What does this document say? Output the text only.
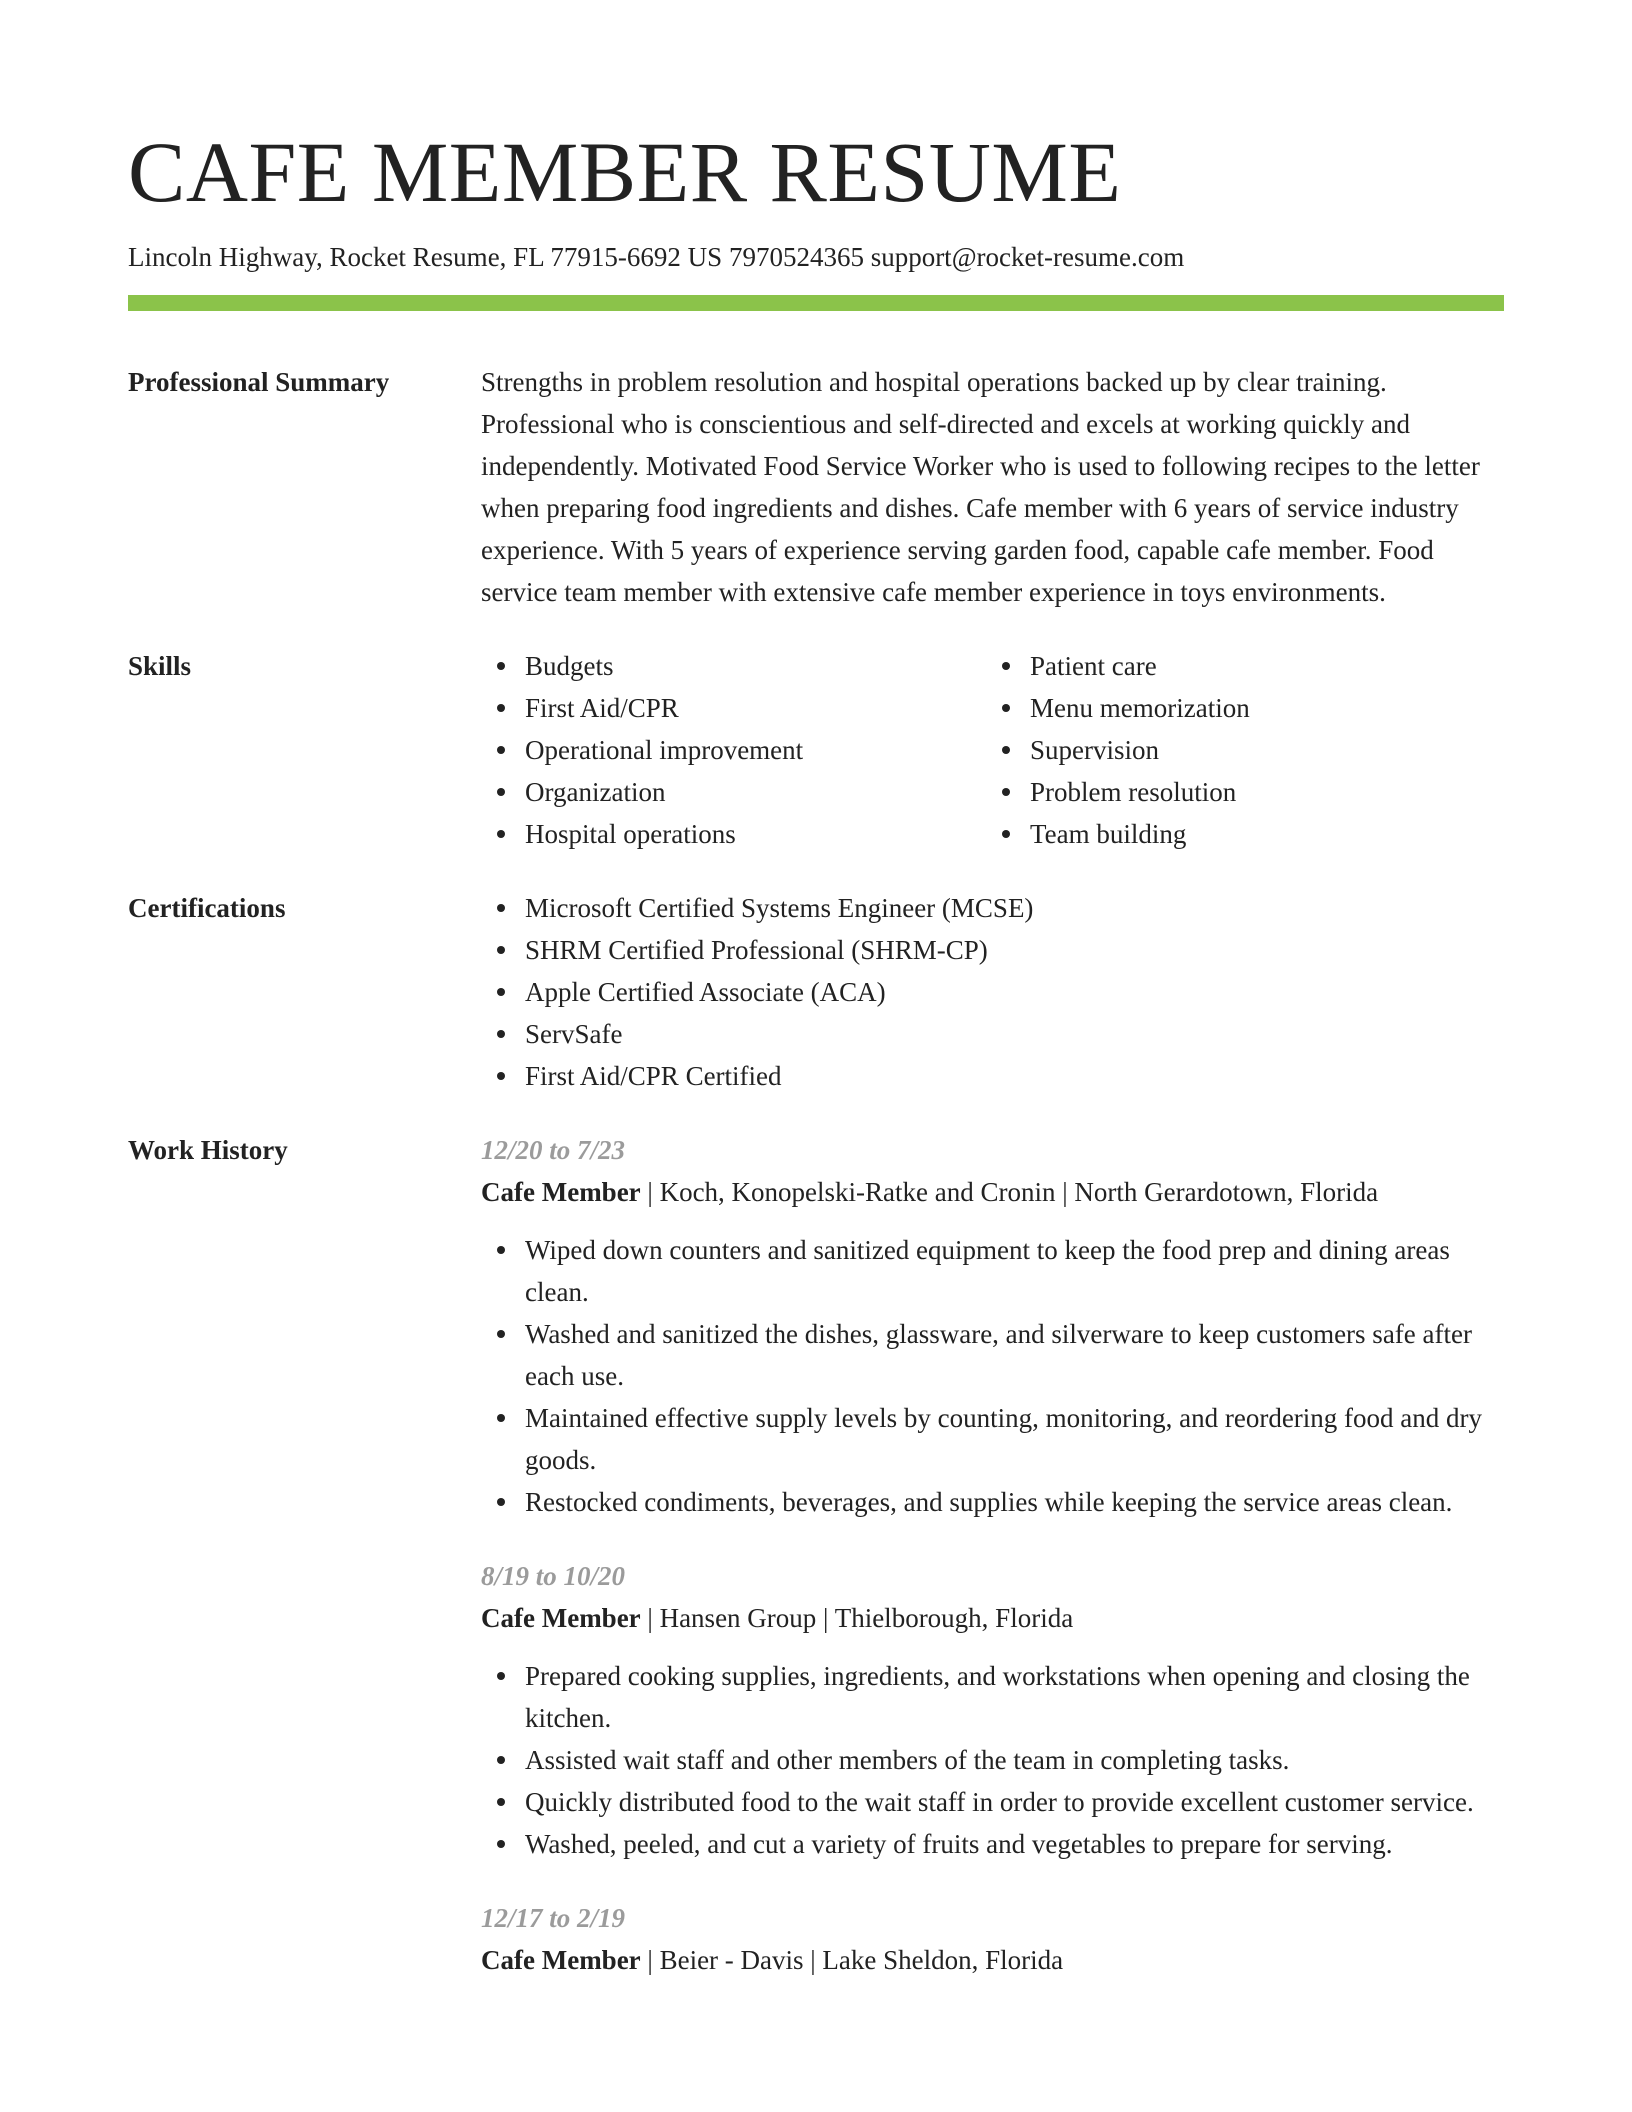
CAFE MEMBER RESUME
Lincoln Highway, Rocket Resume, FL 77915-6692 US 7970524365 support@rocket-resume.com
Professional Summary	Strengths in problem resolution and hospital operations backed up by clear training. Professional who is conscientious and self-directed and excels at working quickly and independently. Motivated Food Service Worker who is used to following recipes to the letter when preparing food ingredients and dishes. Cafe member with 6 years of service industry experience. With 5 years of experience serving garden food, capable cafe member. Food service team member with extensive cafe member experience in toys environments.
Skills	Budgets
First Aid/CPR
Operational improvement
Organization
Hospital operations
Patient care
Menu memorization
Supervision
Problem resolution
Team building
Certifications	Microsoft Certified Systems Engineer (MCSE)
SHRM Certified Professional (SHRM-CP)
Apple Certified Associate (ACA)
ServSafe
First Aid/CPR Certified
Work History	12/20 to 7/23
Cafe Member | Koch, Konopelski-Ratke and Cronin | North Gerardotown, Florida
Wiped down counters and sanitized equipment to keep the food prep and dining areas clean.
Washed and sanitized the dishes, glassware, and silverware to keep customers safe after each use.
Maintained effective supply levels by counting, monitoring, and reordering food and dry goods.
Restocked condiments, beverages, and supplies while keeping the service areas clean.
8/19 to 10/20
Cafe Member | Hansen Group | Thielborough, Florida
Prepared cooking supplies, ingredients, and workstations when opening and closing the kitchen.
Assisted wait staff and other members of the team in completing tasks.
Quickly distributed food to the wait staff in order to provide excellent customer service.
Washed, peeled, and cut a variety of fruits and vegetables to prepare for serving.
12/17 to 2/19
Cafe Member | Beier - Davis | Lake Sheldon, Florida
